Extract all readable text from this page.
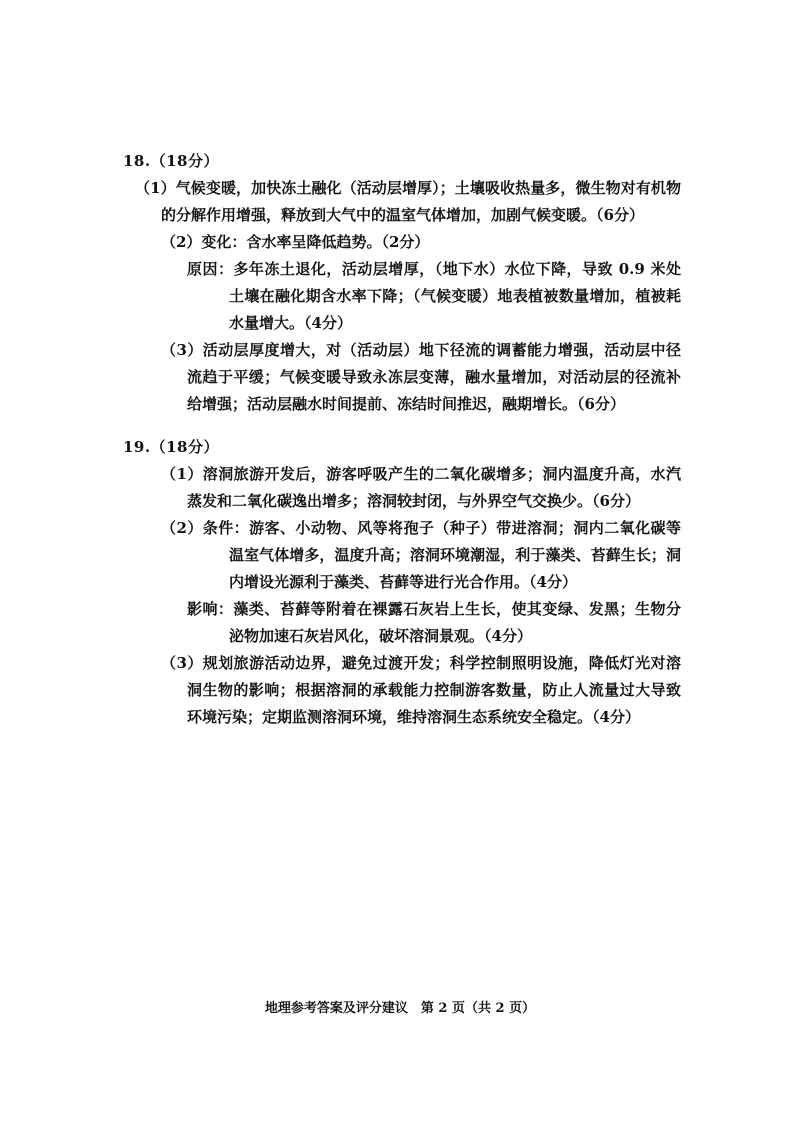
18.（18分）
（1）气候变暖，加快冻土融化（活动层增厚）；土壤吸收热量多，微生物对有机物的分解作用增强，释放到大气中的温室气体增加，加剧气候变暖。（6分）
（2）变化：含水率呈降低趋势。（2分）
原因：多年冻土退化，活动层增厚，（地下水）水位下降，导致 0.9 米处土壤在融化期含水率下降；（气候变暖）地表植被数量增加，植被耗水量增大。（4分）
（3）活动层厚度增大，对（活动层）地下径流的调蓄能力增强，活动层中径流趋于平缓；气候变暖导致永冻层变薄，融水量增加，对活动层的径流补给增强；活动层融水时间提前、冻结时间推迟，融期增长。（6分）
19.（18分）
（1）溶洞旅游开发后，游客呼吸产生的二氧化碳增多；洞内温度升高，水汽蒸发和二氧化碳逸出增多；溶洞较封闭，与外界空气交换少。（6分）
（2）条件：游客、小动物、风等将孢子（种子）带进溶洞；洞内二氧化碳等温室气体增多，温度升高；溶洞环境潮湿，利于藻类、苔藓生长；洞内增设光源利于藻类、苔藓等进行光合作用。（4分）
影响：藻类、苔藓等附着在裸露石灰岩上生长，使其变绿、发黑；生物分泌物加速石灰岩风化，破坏溶洞景观。（4分）
（3）规划旅游活动边界，避免过渡开发；科学控制照明设施，降低灯光对溶洞生物的影响；根据溶洞的承载能力控制游客数量，防止人流量过大导致环境污染；定期监测溶洞环境，维持溶洞生态系统安全稳定。（4分）
地理参考答案及评分建议　第 2 页（共 2 页）
